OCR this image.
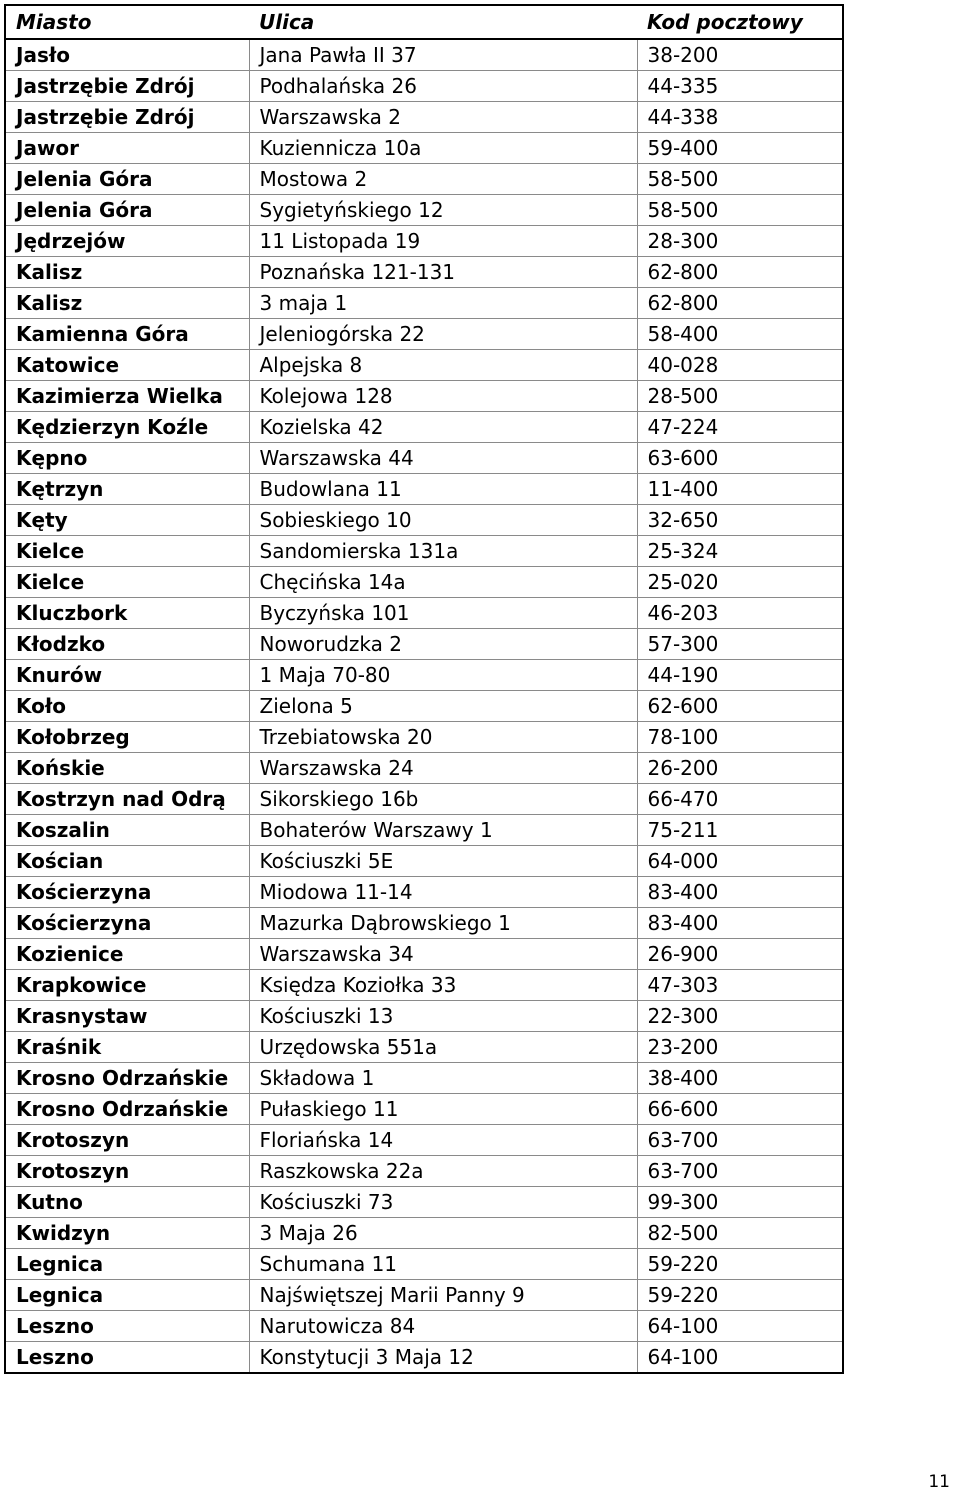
Miasto	Ulica	Kod pocztowy
Jasło	Jana Pawła II 37	38-200
Jastrzębie Zdrój	Podhalańska 26	44-335
Jastrzębie Zdrój	Warszawska 2	44-338
Jawor	Kuziennicza 10a	59-400
Jelenia Góra	Mostowa 2	58-500
Jelenia Góra	Sygietyńskiego 12	58-500
Jędrzejów	11 Listopada 19	28-300
Kalisz	Poznańska 121-131	62-800
Kalisz	3 maja 1	62-800
Kamienna Góra	Jeleniogórska 22	58-400
Katowice	Alpejska 8	40-028
Kazimierza Wielka	Kolejowa 128	28-500
Kędzierzyn Koźle	Kozielska 42	47-224
Kępno	Warszawska 44	63-600
Kętrzyn	Budowlana 11	11-400
Kęty	Sobieskiego 10	32-650
Kielce	Sandomierska 131a	25-324
Kielce	Chęcińska 14a	25-020
Kluczbork	Byczyńska 101	46-203
Kłodzko	Noworudzka 2	57-300
Knurów	1 Maja 70-80	44-190
Koło	Zielona 5	62-600
Kołobrzeg	Trzebiatowska 20	78-100
Końskie	Warszawska 24	26-200
Kostrzyn nad Odrą	Sikorskiego 16b	66-470
Koszalin	Bohaterów Warszawy 1	75-211
Kościan	Kościuszki 5E	64-000
Kościerzyna	Miodowa 11-14	83-400
Kościerzyna	Mazurka Dąbrowskiego 1	83-400
Kozienice	Warszawska 34	26-900
Krapkowice	Księdza Koziołka 33	47-303
Krasnystaw	Kościuszki 13	22-300
Kraśnik	Urzędowska 551a	23-200
Krosno Odrzańskie	Składowa 1	38-400
Krosno Odrzańskie	Pułaskiego 11	66-600
Krotoszyn	Floriańska 14	63-700
Krotoszyn	Raszkowska 22a	63-700
Kutno	Kościuszki 73	99-300
Kwidzyn	3 Maja 26	82-500
Legnica	Schumana 11	59-220
Legnica	Najświętszej Marii Panny 9	59-220
Leszno	Narutowicza 84	64-100
Leszno	Konstytucji 3 Maja 12	64-100
11
